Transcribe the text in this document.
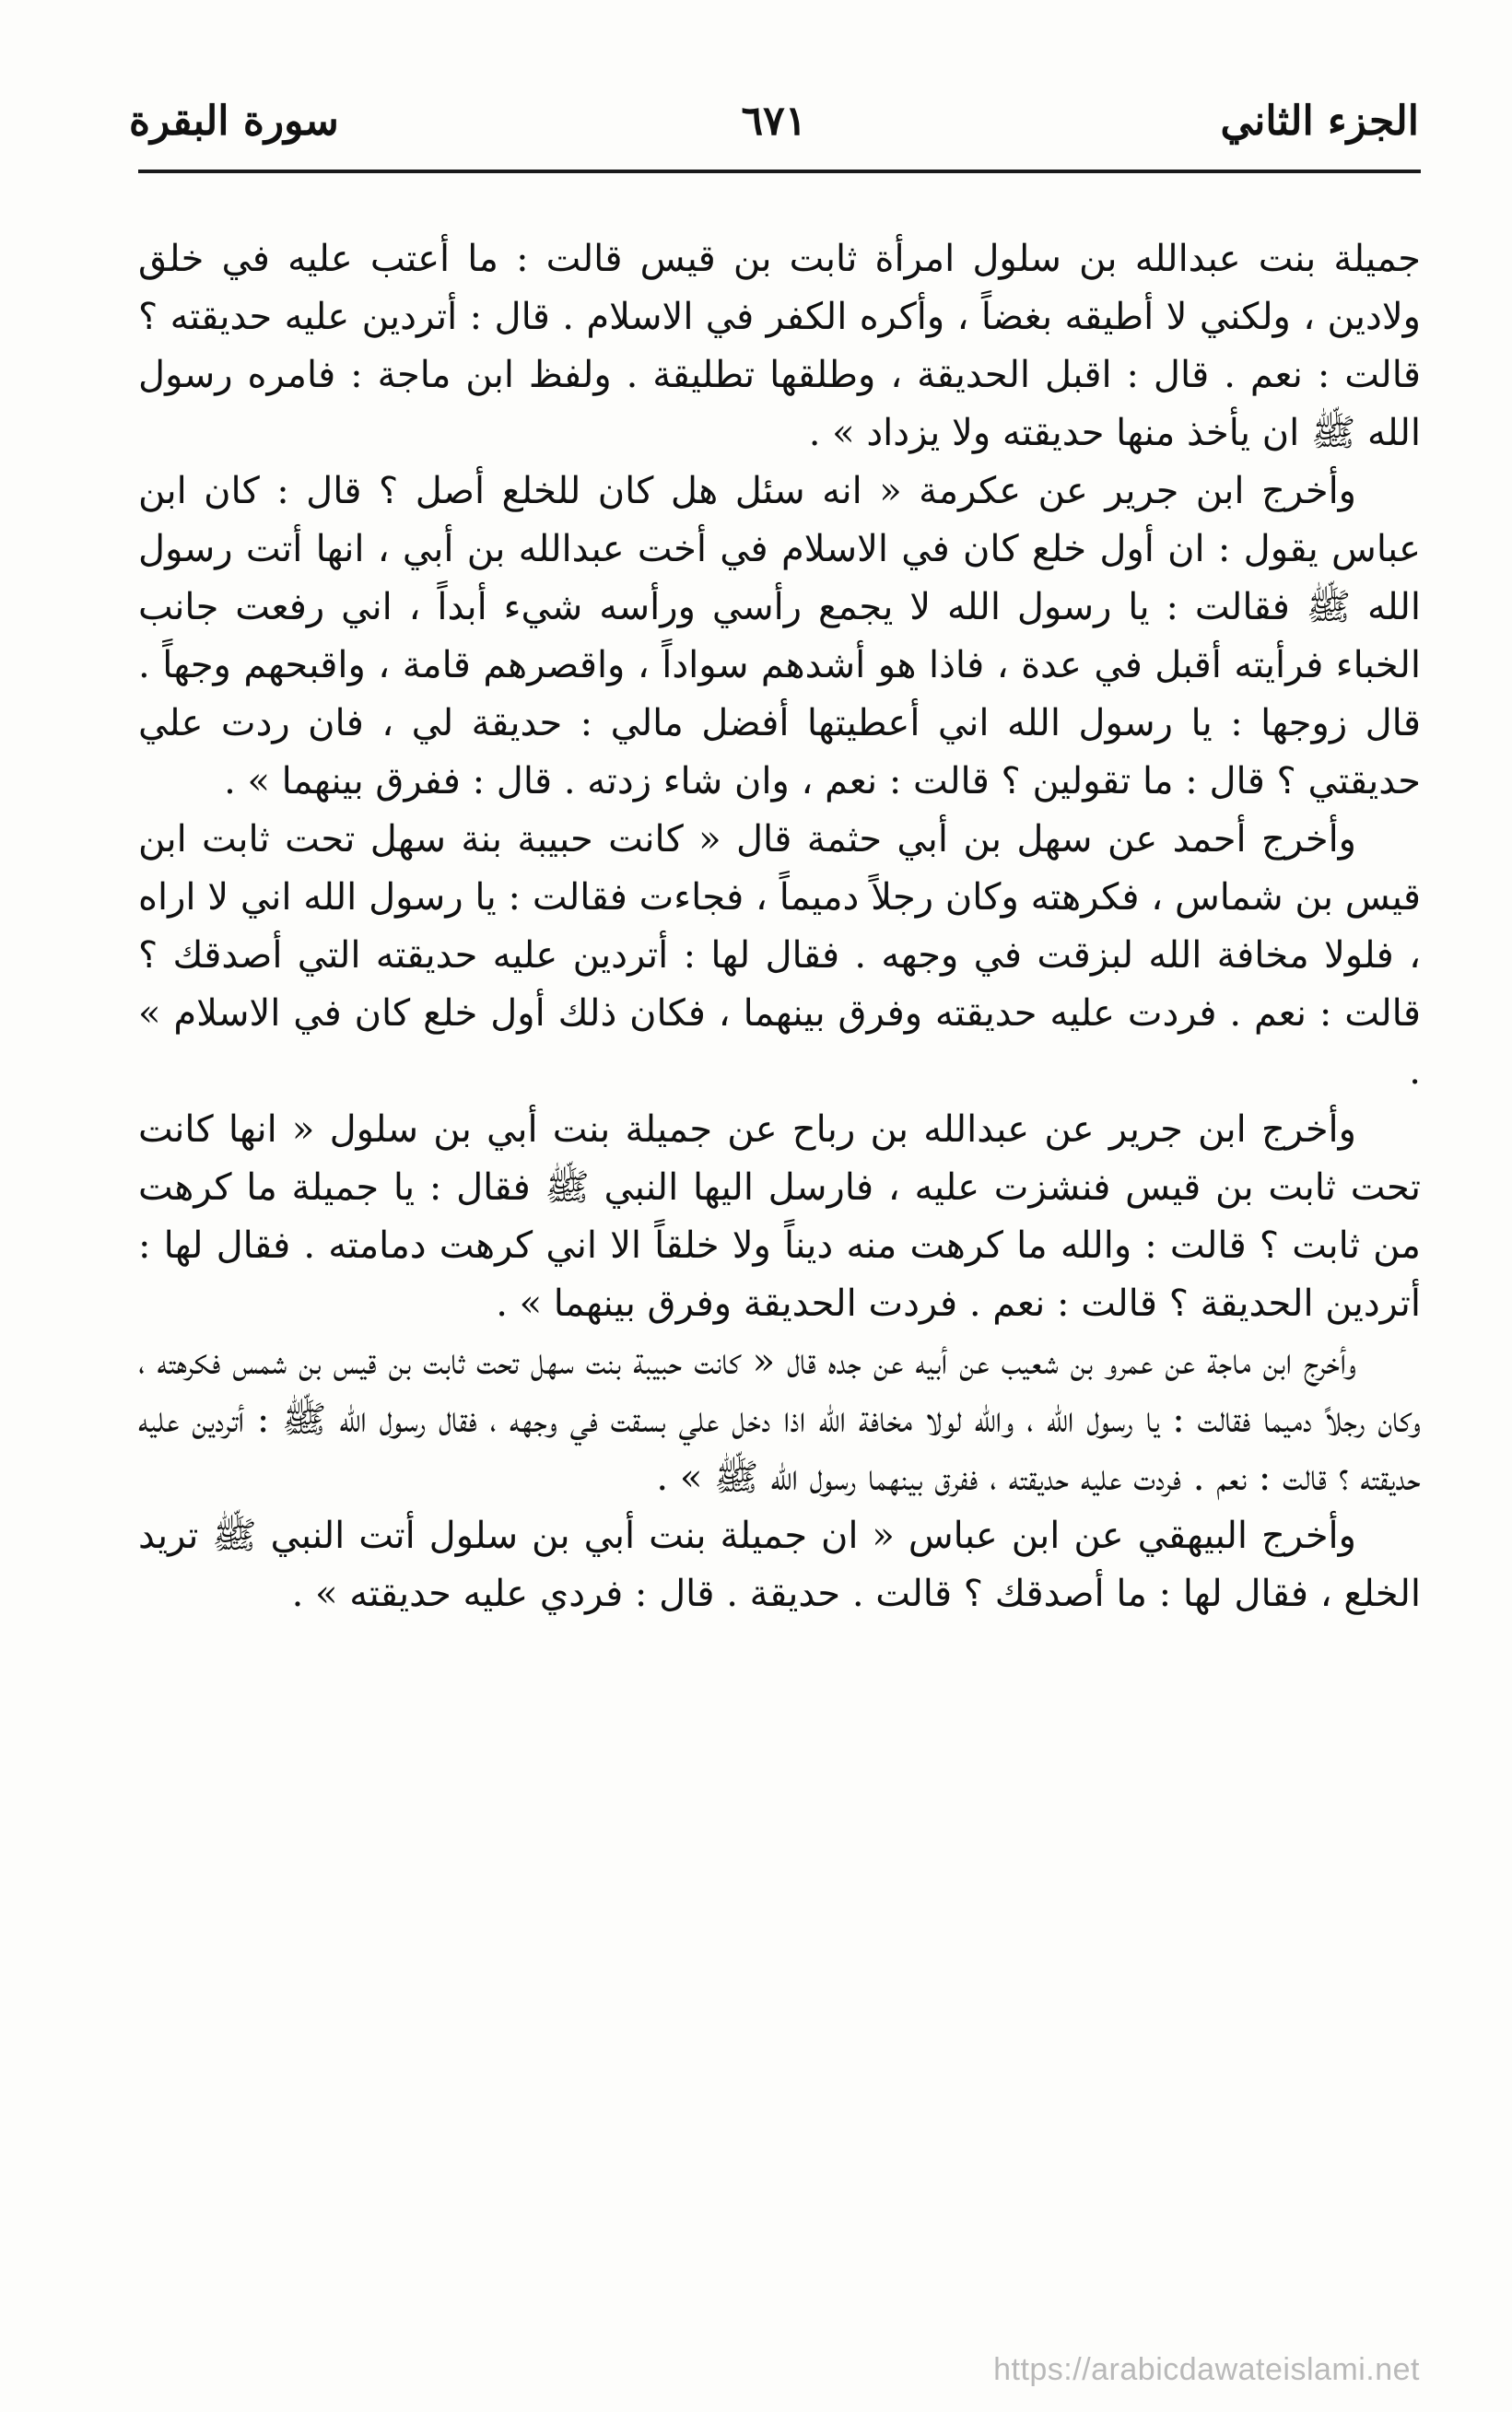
الجزء الثاني
٦٧١
سورة البقرة

جميلة بنت عبدالله بن سلول امرأة ثابت بن قيس قالت : ما أعتب عليه في خلق ولادين ، ولكني لا أطيقه بغضاً ، وأكره الكفر في الاسلام . قال : أتردين عليه حديقته ؟ قالت : نعم . قال : اقبل الحديقة ، وطلقها تطليقة . ولفظ ابن ماجة : فامره رسول الله ﷺ ان يأخذ منها حديقته ولا يزداد » .

وأخرج ابن جرير عن عكرمة « انه سئل هل كان للخلع أصل ؟ قال : كان ابن عباس يقول : ان أول خلع كان في الاسلام في أخت عبدالله بن أبي ، انها أتت رسول الله ﷺ فقالت : يا رسول الله لا يجمع رأسي ورأسه شيء أبداً ، اني رفعت جانب الخباء فرأيته أقبل في عدة ، فاذا هو أشدهم سواداً ، واقصرهم قامة ، واقبحهم وجهاً . قال زوجها : يا رسول الله اني أعطيتها أفضل مالي : حديقة لي ، فان ردت علي حديقتي ؟ قال : ما تقولين ؟ قالت : نعم ، وان شاء زدته . قال : ففرق بينهما » .

وأخرج أحمد عن سهل بن أبي حثمة قال « كانت حبيبة بنة سهل تحت ثابت ابن قيس بن شماس ، فكرهته وكان رجلاً دميماً ، فجاءت فقالت : يا رسول الله اني لا اراه ، فلولا مخافة الله لبزقت في وجهه . فقال لها : أتردين عليه حديقته التي أصدقك ؟ قالت : نعم . فردت عليه حديقته وفرق بينهما ، فكان ذلك أول خلع كان في الاسلام » .

وأخرج ابن جرير عن عبدالله بن رباح عن جميلة بنت أبي بن سلول « انها كانت تحت ثابت بن قيس فنشزت عليه ، فارسل اليها النبي ﷺ فقال : يا جميلة ما كرهت من ثابت ؟ قالت : والله ما كرهت منه ديناً ولا خلقاً الا اني كرهت دمامته . فقال لها : أتردين الحديقة ؟ قالت : نعم . فردت الحديقة وفرق بينهما » .

وأخرج ابن ماجة عن عمرو بن شعيب عن أبيه عن جده قال « كانت حبيبة بنت سهل تحت ثابت بن قيس بن شمس فكرهته ، وكان رجلاً دميما فقالت : يا رسول الله ، والله لولا مخافة الله اذا دخل علي بسقت في وجهه ، فقال رسول الله ﷺ : أتردين عليه حديقته ؟ قالت : نعم . فردت عليه حديقته ، ففرق بينهما رسول الله ﷺ » .

وأخرج البيهقي عن ابن عباس « ان جميلة بنت أبي بن سلول أتت النبي ﷺ تريد الخلع ، فقال لها : ما أصدقك ؟ قالت . حديقة . قال : فردي عليه حديقته » .

https://arabicdawateislami.net
